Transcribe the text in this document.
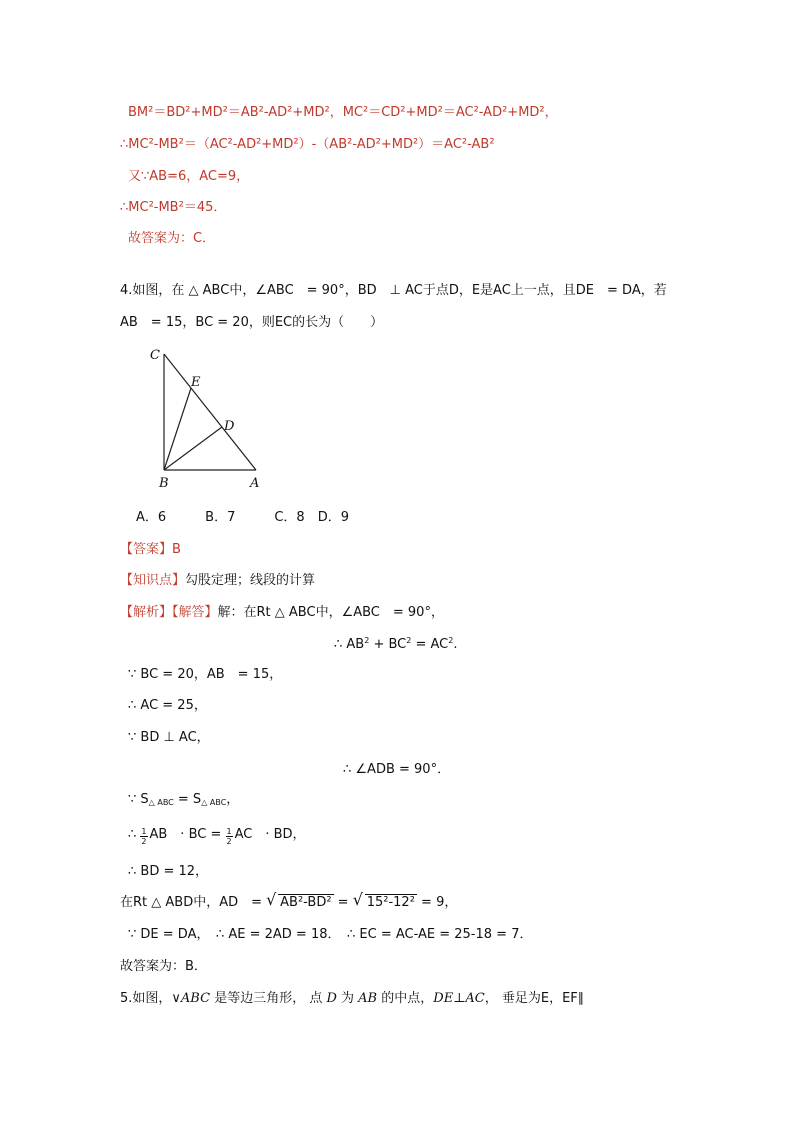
BM²＝BD²+MD²＝AB²-AD²+MD²，MC²＝CD²+MD²＝AC²-AD²+MD²，
∴MC²-MB²＝（AC²-AD²+MD²）-（AB²-AD²+MD²）＝AC²-AB²
又∵AB=6，AC=9，
∴MC²-MB²＝45．
故答案为：C．
4.如图，在 △ ABC中，∠ABC　= 90°，BD　⊥ AC于点D，E是AC上一点，且DE　= DA，若
AB　= 15，BC = 20，则EC的长为（　　）
C
E
D
B	A
A．6　　　B．7　　　C．8　D．9
【答案】B
【知识点】勾股定理；线段的计算
【解析】【解答】解：在Rt △ ABC中，∠ABC　= 90°，
∴ $AB^2 + BC^2 = AC^2$.
∵ BC = 20，AB　= 15，
∴ AC = 25，
∵ BD ⊥ AC，
∴ ∠ADB = 90°．
∵ $S_{\triangle ABC} = S_{\triangle ABC}$，
∴ $\frac{1}{2}$ AB　· BC = $\frac{1}{2}$ AC　· BD，
∴ BD = 12，
在Rt △ ABD中，AD　= √ AB²-BD² = √ 15²-12² = 9，
∵ DE = DA，　∴ AE = 2AD = 18．　∴ EC = AC-AE = 25-18 = 7．
故答案为：B．
5.如图，∨ABC 是等边三角形， 点 D 为 AB 的中点，DE⊥AC， 垂足为E，EF∥
